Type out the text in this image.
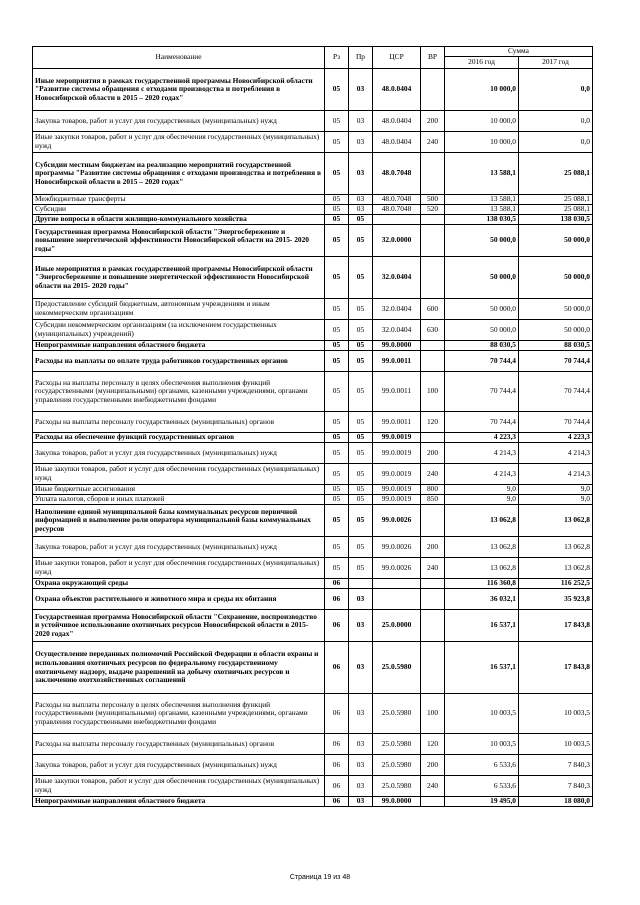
Наименование	Рз	Пр	ЦСР	ВР	Сумма	
					2016 год	2017 год
Иные мероприятия в рамках государственной программы Новосибирской области "Развитие системы обращения с отходами производства и потребления в Новосибирской области в 2015 – 2020 годах"	05	03	48.0.0404		10 000,0	0,0
Закупка товаров, работ и услуг для государственных (муниципальных) нужд	05	03	48.0.0404	200	10 000,0	0,0
Иные закупки товаров, работ и услуг для обеспечения государственных (муниципальных) нужд	05	03	48.0.0404	240	10 000,0	0,0
Субсидии местным бюджетам на реализацию мероприятий государственной программы "Развитие системы обращения с отходами производства и потребления в Новосибирской области в 2015 – 2020 годах"	05	03	48.0.7048		13 588,1	25 088,1
Межбюджетные трансферты	05	03	48.0.7048	500	13 588,1	25 088,1
Субсидии	05	03	48.0.7048	520	13 588,1	25 088,1
Другие вопросы в области жилищно-коммунального хозяйства	05	05			138 030,5	138 030,5
Государственная программа Новосибирской области "Энергосбережение и повышение энергетической эффективности Новосибирской области на 2015- 2020 годы"	05	05	32.0.0000		50 000,0	50 000,0
Иные мероприятия в рамках государственной программы Новосибирской области "Энергосбережение и повышение энергетической эффективности Новосибирской области на 2015- 2020 годы"	05	05	32.0.0404		50 000,0	50 000,0
Предоставление субсидий бюджетным, автономным учреждениям и иным некоммерческим организациям	05	05	32.0.0404	600	50 000,0	50 000,0
Субсидии некоммерческим организациям (за исключением государственных (муниципальных) учреждений)	05	05	32.0.0404	630	50 000,0	50 000,0
Непрограммные направления областного бюджета	05	05	99.0.0000		88 030,5	88 030,5
Расходы на выплаты по оплате труда работников государственных органов	05	05	99.0.0011		70 744,4	70 744,4
Расходы на выплаты персоналу в целях обеспечения выполнения функций государственными (муниципальными) органами, казенными учреждениями, органами управления государственными внебюджетными фондами	05	05	99.0.0011	100	70 744,4	70 744,4
Расходы на выплаты персоналу государственных (муниципальных) органов	05	05	99.0.0011	120	70 744,4	70 744,4
Расходы на обеспечение функций государственных органов	05	05	99.0.0019		4 223,3	4 223,3
Закупка товаров, работ и услуг для государственных (муниципальных) нужд	05	05	99.0.0019	200	4 214,3	4 214,3
Иные закупки товаров, работ и услуг для обеспечения государственных (муниципальных) нужд	05	05	99.0.0019	240	4 214,3	4 214,3
Иные бюджетные ассигнования	05	05	99.0.0019	800	9,0	9,0
Уплата налогов, сборов и иных платежей	05	05	99.0.0019	850	9,0	9,0
Наполнение единой муниципальной базы коммунальных ресурсов первичной информацией и выполнение роли оператора муниципальной базы коммунальных ресурсов	05	05	99.0.0026		13 062,8	13 062,8
Закупка товаров, работ и услуг для государственных (муниципальных) нужд	05	05	99.0.0026	200	13 062,8	13 062,8
Иные закупки товаров, работ и услуг для обеспечения государственных (муниципальных) нужд	05	05	99.0.0026	240	13 062,8	13 062,8
Охрана окружающей среды	06				116 360,8	116 252,5
Охрана объектов растительного и животного мира и среды их обитания	06	03			36 032,1	35 923,8
Государственная программа Новосибирской области "Сохранение, воспроизводство и устойчивое использование охотничьих ресурсов Новосибирской области в 2015-2020 годах"	06	03	25.0.0000		16 537,1	17 843,8
Осуществление переданных полномочий Российской Федерации в области охраны и использования охотничьих ресурсов по федеральному государственному охотничьему надзору, выдаче разрешений на добычу охотничьих ресурсов и заключению охотхозяйственных соглашений	06	03	25.0.5980		16 537,1	17 843,8
Расходы на выплаты персоналу в целях обеспечения выполнения функций государственными (муниципальными) органами, казенными учреждениями, органами управления государственными внебюджетными фондами	06	03	25.0.5980	100	10 003,5	10 003,5
Расходы на выплаты персоналу государственных (муниципальных) органов	06	03	25.0.5980	120	10 003,5	10 003,5
Закупка товаров, работ и услуг для государственных (муниципальных) нужд	06	03	25.0.5980	200	6 533,6	7 840,3
Иные закупки товаров, работ и услуг для обеспечения государственных (муниципальных) нужд	06	03	25.0.5980	240	6 533,6	7 840,3
Непрограммные направления областного бюджета	06	03	99.0.0000		19 495,0	18 080,0
Страница 19 из 48
